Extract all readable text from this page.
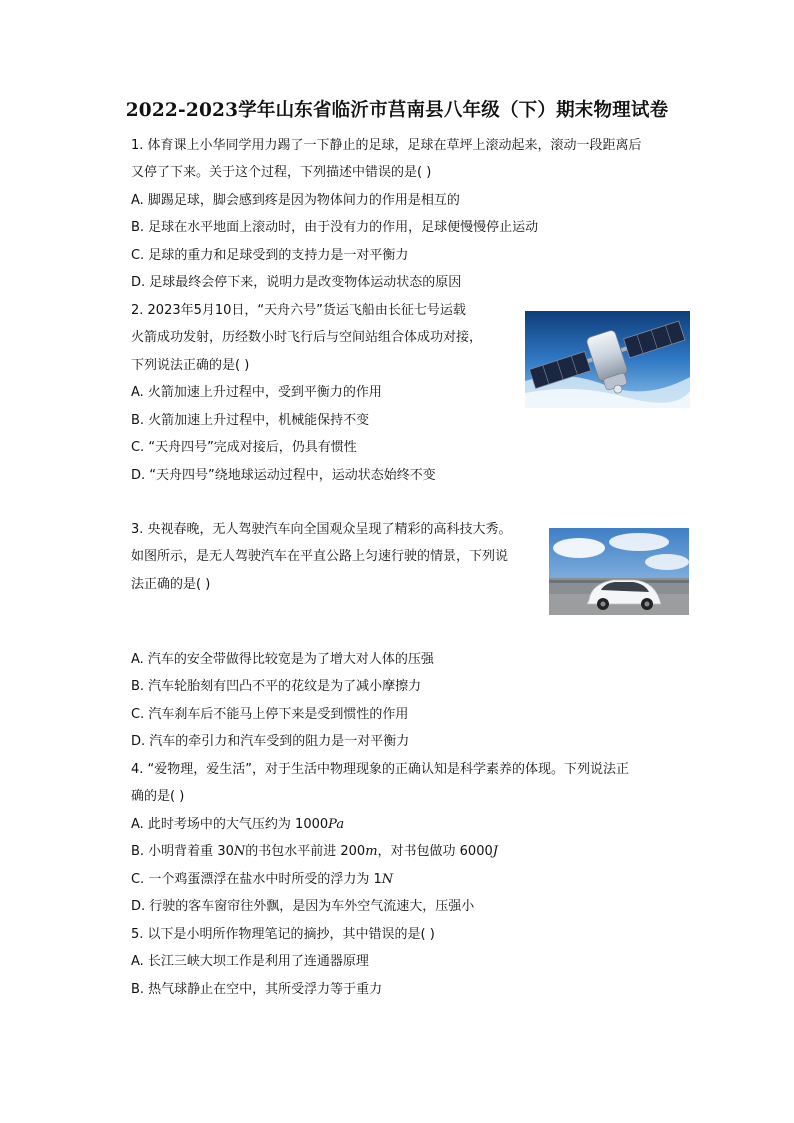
2022-2023学年山东省临沂市莒南县八年级（下）期末物理试卷
1. 体育课上小华同学用力踢了一下静止的足球，足球在草坪上滚动起来，滚动一段距离后
又停了下来。关于这个过程，下列描述中错误的是( )
A. 脚踢足球，脚会感到疼是因为物体间力的作用是相互的
B. 足球在水平地面上滚动时，由于没有力的作用，足球便慢慢停止运动
C. 足球的重力和足球受到的支持力是一对平衡力
D. 足球最终会停下来，说明力是改变物体运动状态的原因
2. 2023年5月10日，“天舟六号”货运飞船由长征七号运载
火箭成功发射，历经数小时飞行后与空间站组合体成功对接，
下列说法正确的是( )
A. 火箭加速上升过程中，受到平衡力的作用
B. 火箭加速上升过程中，机械能保持不变
C. “天舟四号”完成对接后，仍具有惯性
D. “天舟四号”绕地球运动过程中，运动状态始终不变
3. 央视春晚，无人驾驶汽车向全国观众呈现了精彩的高科技大秀。
如图所示，是无人驾驶汽车在平直公路上匀速行驶的情景，下列说
法正确的是( )
A. 汽车的安全带做得比较宽是为了增大对人体的压强
B. 汽车轮胎刻有凹凸不平的花纹是为了减小摩擦力
C. 汽车刹车后不能马上停下来是受到惯性的作用
D. 汽车的牵引力和汽车受到的阻力是一对平衡力
4. “爱物理，爱生活”，对于生活中物理现象的正确认知是科学素养的体现。下列说法正
确的是( )
A. 此时考场中的大气压约为 1000Pa
B. 小明背着重 30N的书包水平前进 200m，对书包做功 6000J
C. 一个鸡蛋漂浮在盐水中时所受的浮力为 1N
D. 行驶的客车窗帘往外飘，是因为车外空气流速大，压强小
5. 以下是小明所作物理笔记的摘抄，其中错误的是( )
A. 长江三峡大坝工作是利用了连通器原理
B. 热气球静止在空中，其所受浮力等于重力
